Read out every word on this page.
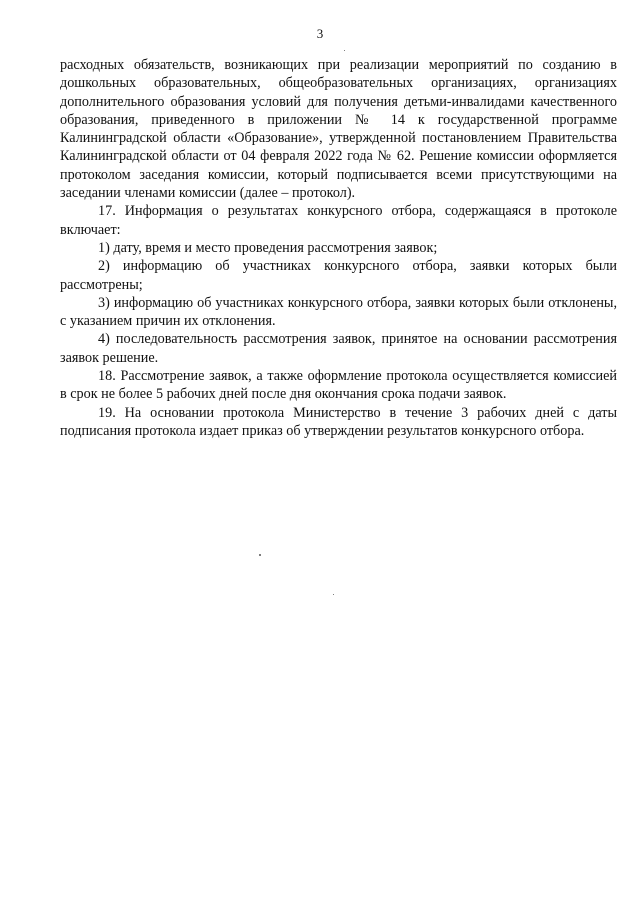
3

расходных обязательств, возникающих при реализации мероприятий по созданию в дошкольных образовательных, общеобразовательных организациях, организациях дополнительного образования условий для получения детьми-инвалидами качественного образования, приведенного в приложении № 14 к государственной программе Калининградской области «Образование», утвержденной постановлением Правительства Калининградской области от 04 февраля 2022 года № 62. Решение комиссии оформляется протоколом заседания комиссии, который подписывается всеми присутствующими на заседании членами комиссии (далее – протокол).

17. Информация о результатах конкурсного отбора, содержащаяся в протоколе включает:

1) дату, время и место проведения рассмотрения заявок;

2) информацию об участниках конкурсного отбора, заявки которых были рассмотрены;

3) информацию об участниках конкурсного отбора, заявки которых были отклонены, с указанием причин их отклонения.

4) последовательность рассмотрения заявок, принятое на основании рассмотрения заявок решение.

18. Рассмотрение заявок, а также оформление протокола осуществляется комиссией в срок не более 5 рабочих дней после дня окончания срока подачи заявок.

19. На основании протокола Министерство в течение 3 рабочих дней с даты подписания протокола издает приказ об утверждении результатов конкурсного отбора.
